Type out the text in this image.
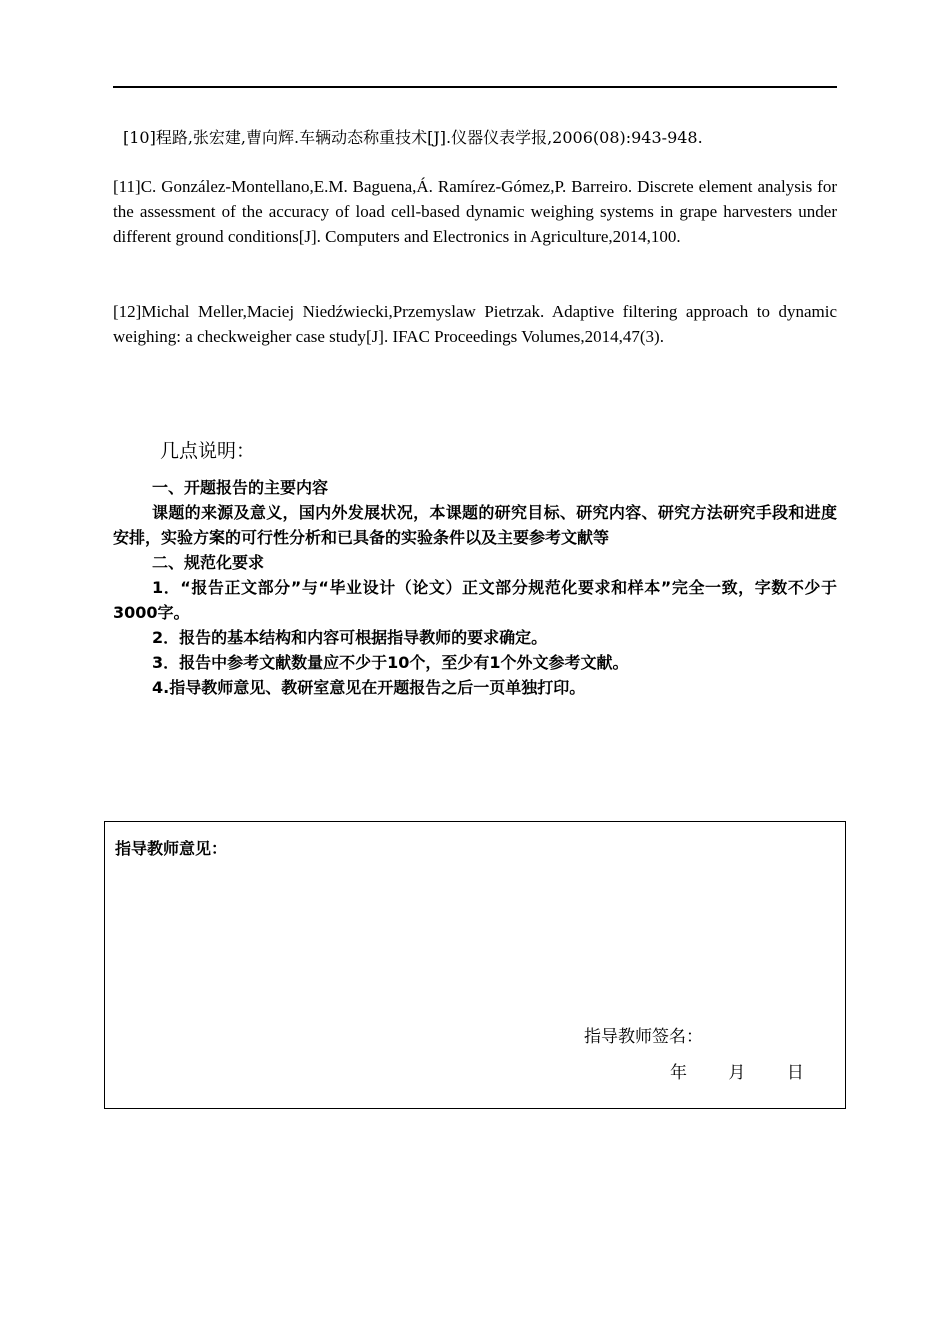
[10]程路,张宏建,曹向辉.车辆动态称重技术[J].仪器仪表学报,2006(08):943-948.
[11]C. González-Montellano,E.M. Baguena,Á. Ramírez-Gómez,P. Barreiro. Discrete element analysis for the assessment of the accuracy of load cell-based dynamic weighing systems in grape harvesters under different ground conditions[J]. Computers and Electronics in Agriculture,2014,100.
[12]Michal Meller,Maciej Niedźwiecki,Przemyslaw Pietrzak. Adaptive filtering approach to dynamic weighing: a checkweigher case study[J]. IFAC Proceedings Volumes,2014,47(3).
几点说明：

一、开题报告的主要内容

课题的来源及意义，国内外发展状况，本课题的研究目标、研究内容、研究方法研究手段和进度安排，实验方案的可行性分析和已具备的实验条件以及主要参考文献等

二、规范化要求

1．“报告正文部分”与“毕业设计（论文）正文部分规范化要求和样本”完全一致，字数不少于3000字。

2．报告的基本结构和内容可根据指导教师的要求确定。

3．报告中参考文献数量应不少于10个，至少有1个外文参考文献。

4.指导教师意见、教研室意见在开题报告之后一页单独打印。

指导教师意见：
指导教师签名：
年 月 日
